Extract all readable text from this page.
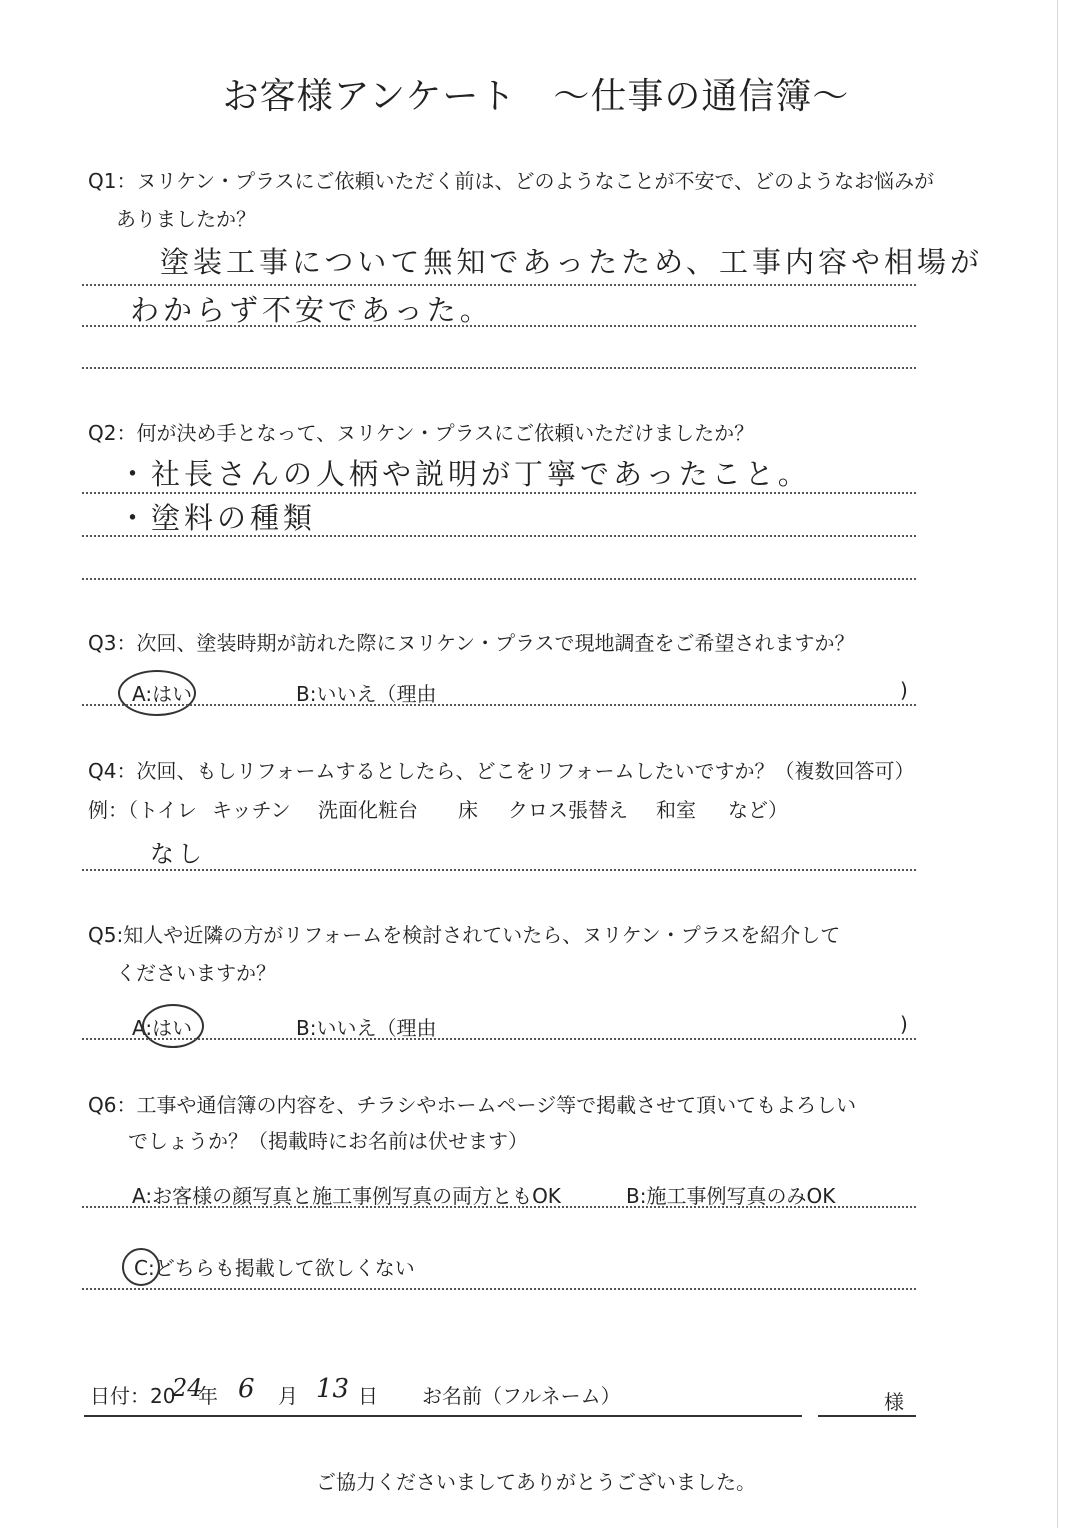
お客様アンケート　～仕事の通信簿～
Q1：ヌリケン・プラスにご依頼いただく前は、どのようなことが不安で、どのようなお悩みが
ありましたか？
塗装工事について無知であったため、工事内容や相場が
わからず不安であった。
Q2：何が決め手となって、ヌリケン・プラスにご依頼いただけましたか？
・社長さんの人柄や説明が丁寧であったこと。
・塗料の種類
Q3：次回、塗装時期が訪れた際にヌリケン・プラスで現地調査をご希望されますか？
A:はい	B:いいえ（理由	)
Q4：次回、もしリフォームするとしたら、どこをリフォームしたいですか？（複数回答可）
例：（トイレ キッチン 洗面化粧台 床 クロス張替え 和室 など）
なし
Q5:知人や近隣の方がリフォームを検討されていたら、ヌリケン・プラスを紹介して
くださいますか？
A:はい	B:いいえ（理由	)
Q6：工事や通信簿の内容を、チラシやホームページ等で掲載させて頂いてもよろしい
でしょうか？（掲載時にお名前は伏せます）
A:お客様の顔写真と施工事例写真の両方ともOK	B:施工事例写真のみOK
C:どちらも掲載して欲しくない
日付：20
24
年 6 月 13 日 お名前（フルネーム）	様
ご協力くださいましてありがとうございました。
